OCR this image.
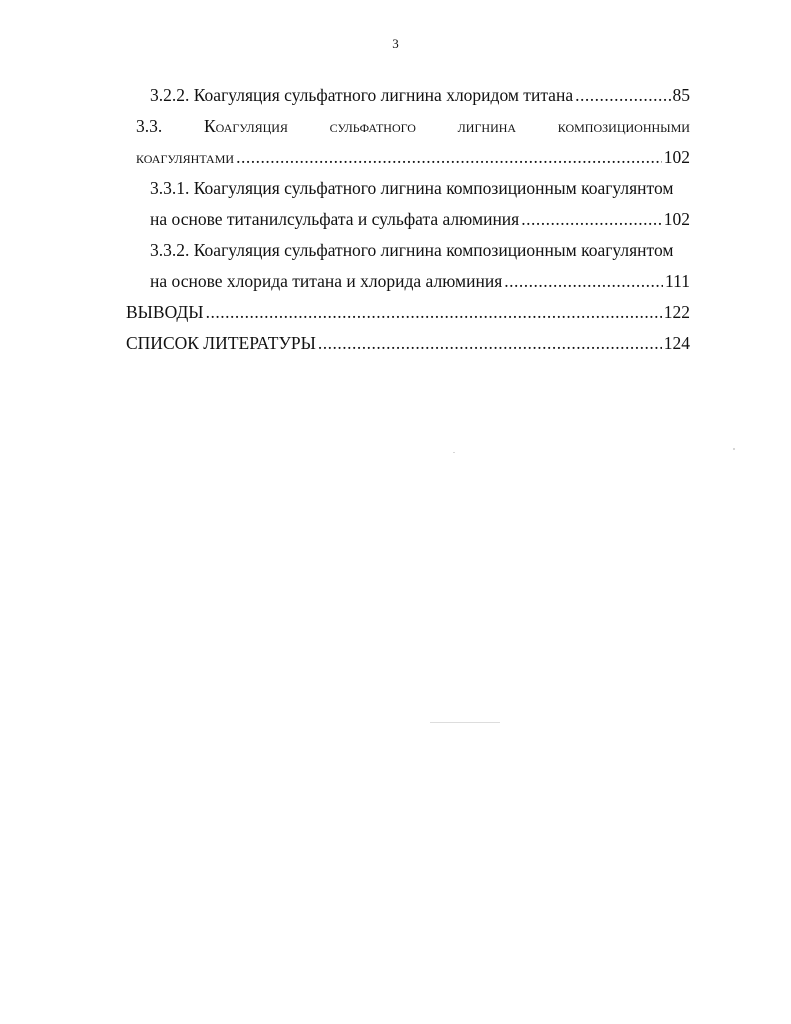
3
3.2.2. Коагуляция сульфатного лигнина хлоридом титана .....	85
3.3. Коагуляция сульфатного лигнина композиционными
коагулянтами .....	102
3.3.1. Коагуляция сульфатного лигнина композиционным коагулянтом
на основе титанилсульфата и сульфата алюминия .....	102
3.3.2. Коагуляция сульфатного лигнина композиционным коагулянтом
на основе хлорида титана и хлорида алюминия .....	111
ВЫВОДЫ .....	122
СПИСОК ЛИТЕРАТУРЫ .....	124
